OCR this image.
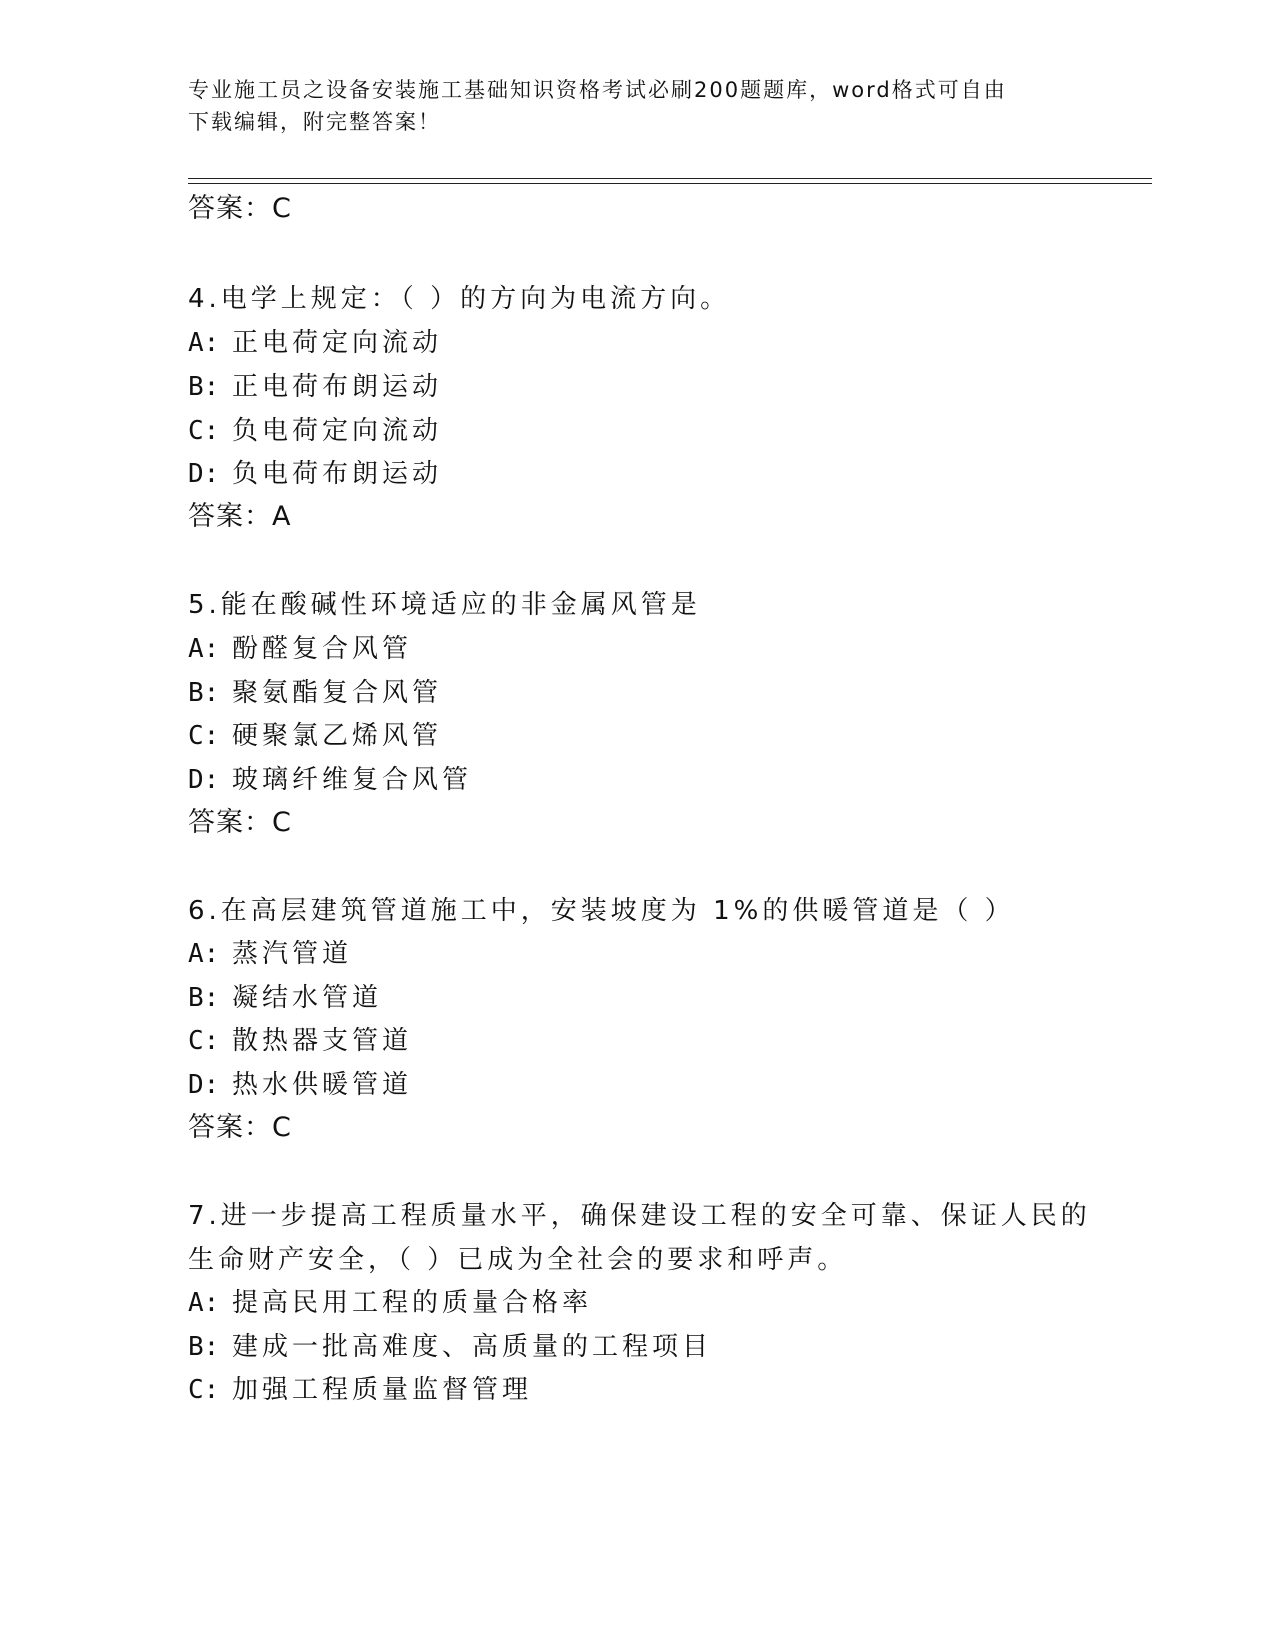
专业施工员之设备安装施工基础知识资格考试必刷200题题库，word格式可自由
下载编辑，附完整答案！
答案：C
4.电学上规定：（ ）的方向为电流方向。
A: 正电荷定向流动
B: 正电荷布朗运动
C: 负电荷定向流动
D: 负电荷布朗运动
答案：A
5.能在酸碱性环境适应的非金属风管是
A: 酚醛复合风管
B: 聚氨酯复合风管
C: 硬聚氯乙烯风管
D: 玻璃纤维复合风管
答案：C
6.在高层建筑管道施工中，安装坡度为 1%的供暖管道是（ ）
A: 蒸汽管道
B: 凝结水管道
C: 散热器支管道
D: 热水供暖管道
答案：C
7.进一步提高工程质量水平，确保建设工程的安全可靠、保证人民的
生命财产安全，（ ）已成为全社会的要求和呼声。
A: 提高民用工程的质量合格率
B: 建成一批高难度、高质量的工程项目
C: 加强工程质量监督管理
